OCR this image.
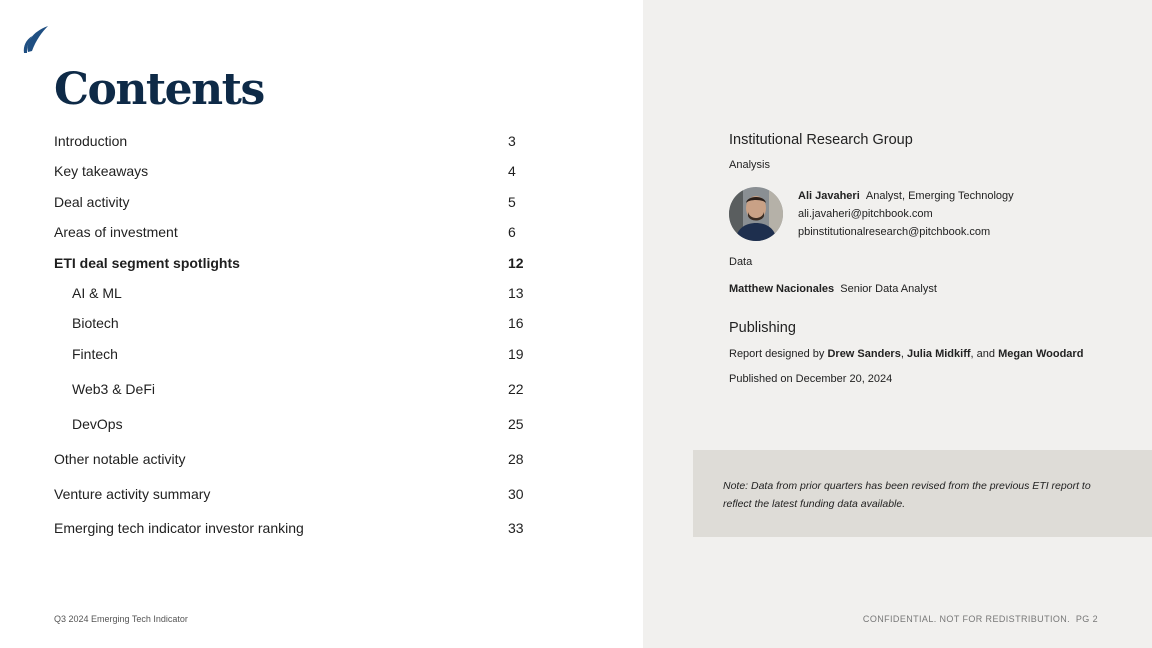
Contents
Introduction	3
Key takeaways	4
Deal activity	5
Areas of investment	6
ETI deal segment spotlights	12
AI & ML	13
Biotech	16
Fintech	19
Web3 & DeFi	22
DevOps	25
Other notable activity	28
Venture activity summary	30
Emerging tech indicator investor ranking	33
Q3 2024 Emerging Tech Indicator
Institutional Research Group
Analysis
Ali Javaheri Analyst, Emerging Technology
ali.javaheri@pitchbook.com
pbinstitutionalresearch@pitchbook.com
Data
Matthew Nacionales Senior Data Analyst
Publishing
Report designed by Drew Sanders, Julia Midkiff, and Megan Woodard
Published on December 20, 2024
Note: Data from prior quarters has been revised from the previous ETI report to reflect the latest funding data available.
CONFIDENTIAL. NOT FOR REDISTRIBUTION. PG 2
